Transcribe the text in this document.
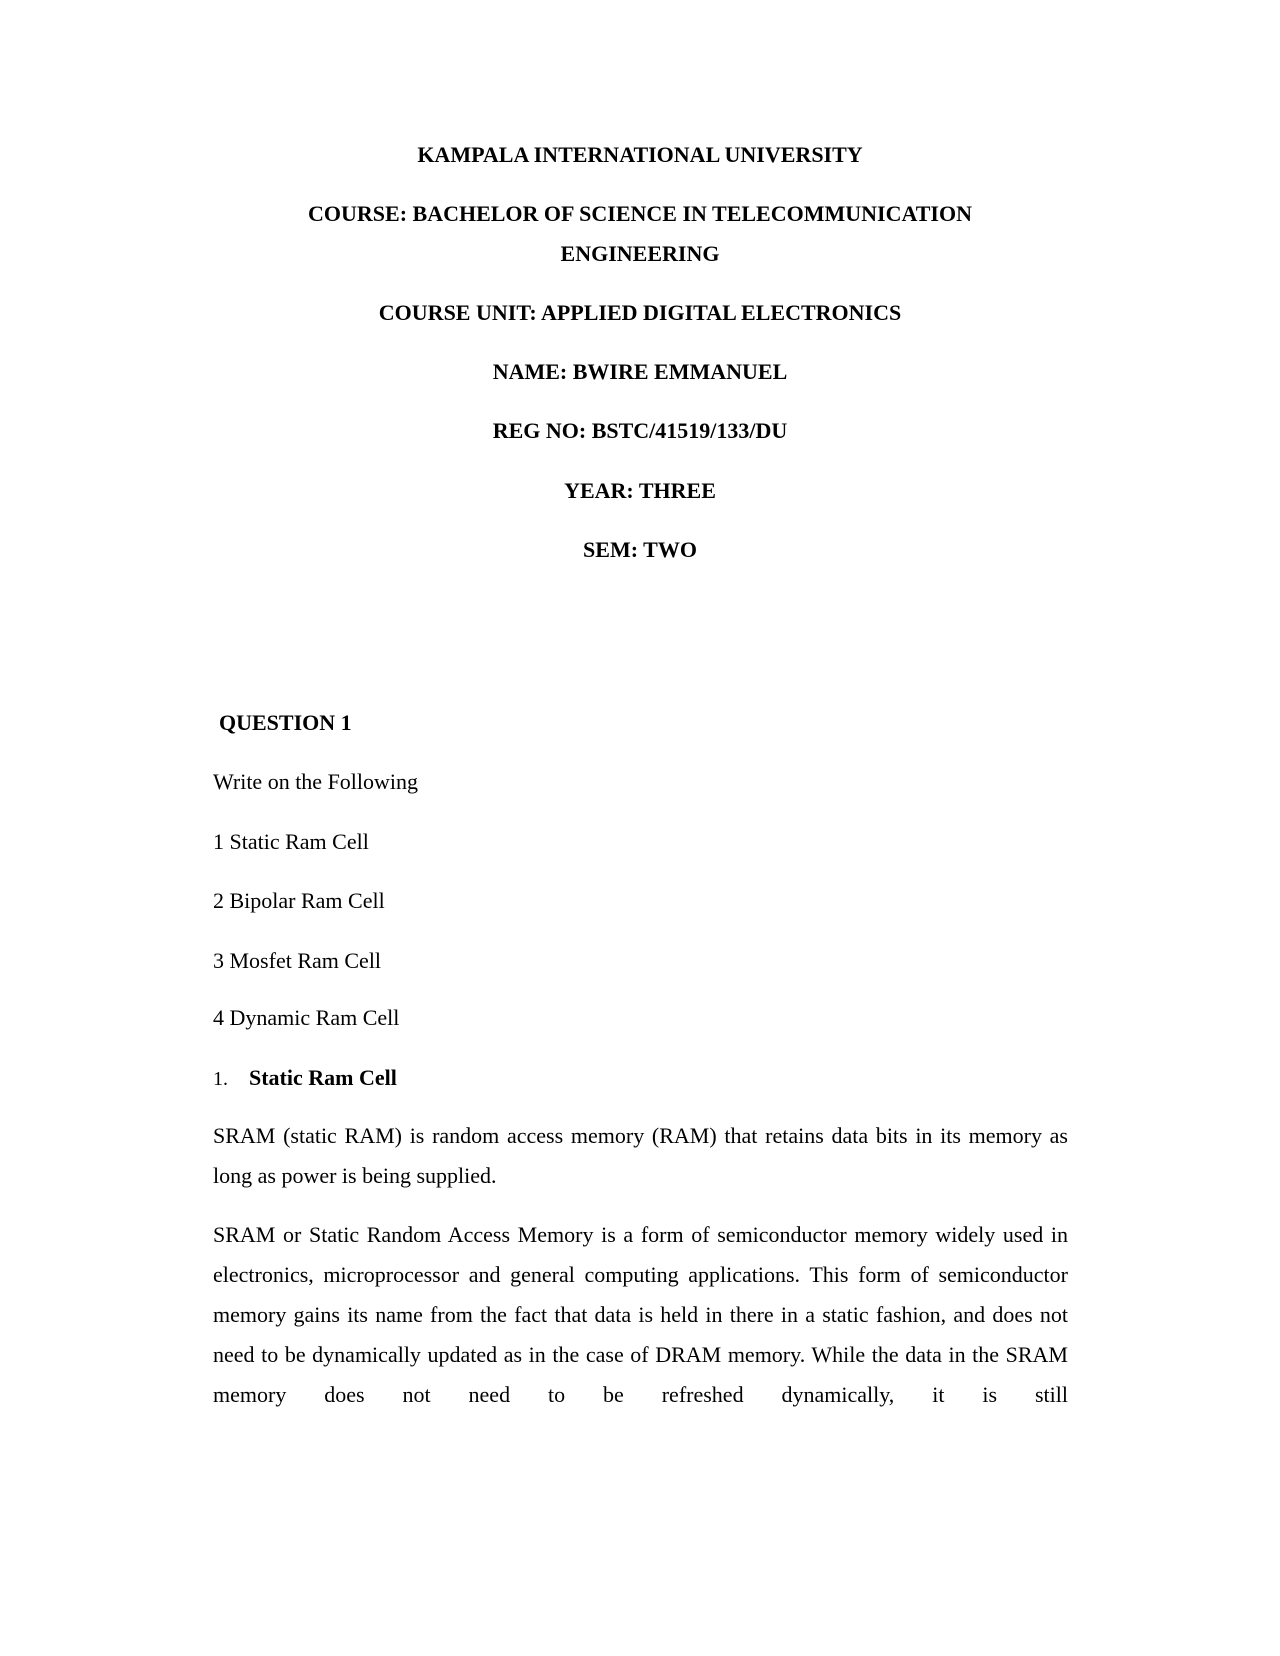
KAMPALA INTERNATIONAL UNIVERSITY
COURSE: BACHELOR OF SCIENCE IN TELECOMMUNICATION
ENGINEERING
COURSE UNIT: APPLIED DIGITAL ELECTRONICS
NAME: BWIRE EMMANUEL
REG NO: BSTC/41519/133/DU
YEAR: THREE
SEM: TWO
QUESTION 1
Write on the Following
1 Static Ram Cell
2 Bipolar Ram Cell
3 Mosfet Ram Cell
4 Dynamic Ram Cell
1. Static Ram Cell
SRAM (static RAM) is random access memory (RAM) that retains data bits in its memory as long as power is being supplied.
SRAM or Static Random Access Memory is a form of semiconductor memory widely used in electronics, microprocessor and general computing applications. This form of semiconductor memory gains its name from the fact that data is held in there in a static fashion, and does not need to be dynamically updated as in the case of DRAM memory. While the data in the SRAM memory does not need to be refreshed dynamically, it is still
